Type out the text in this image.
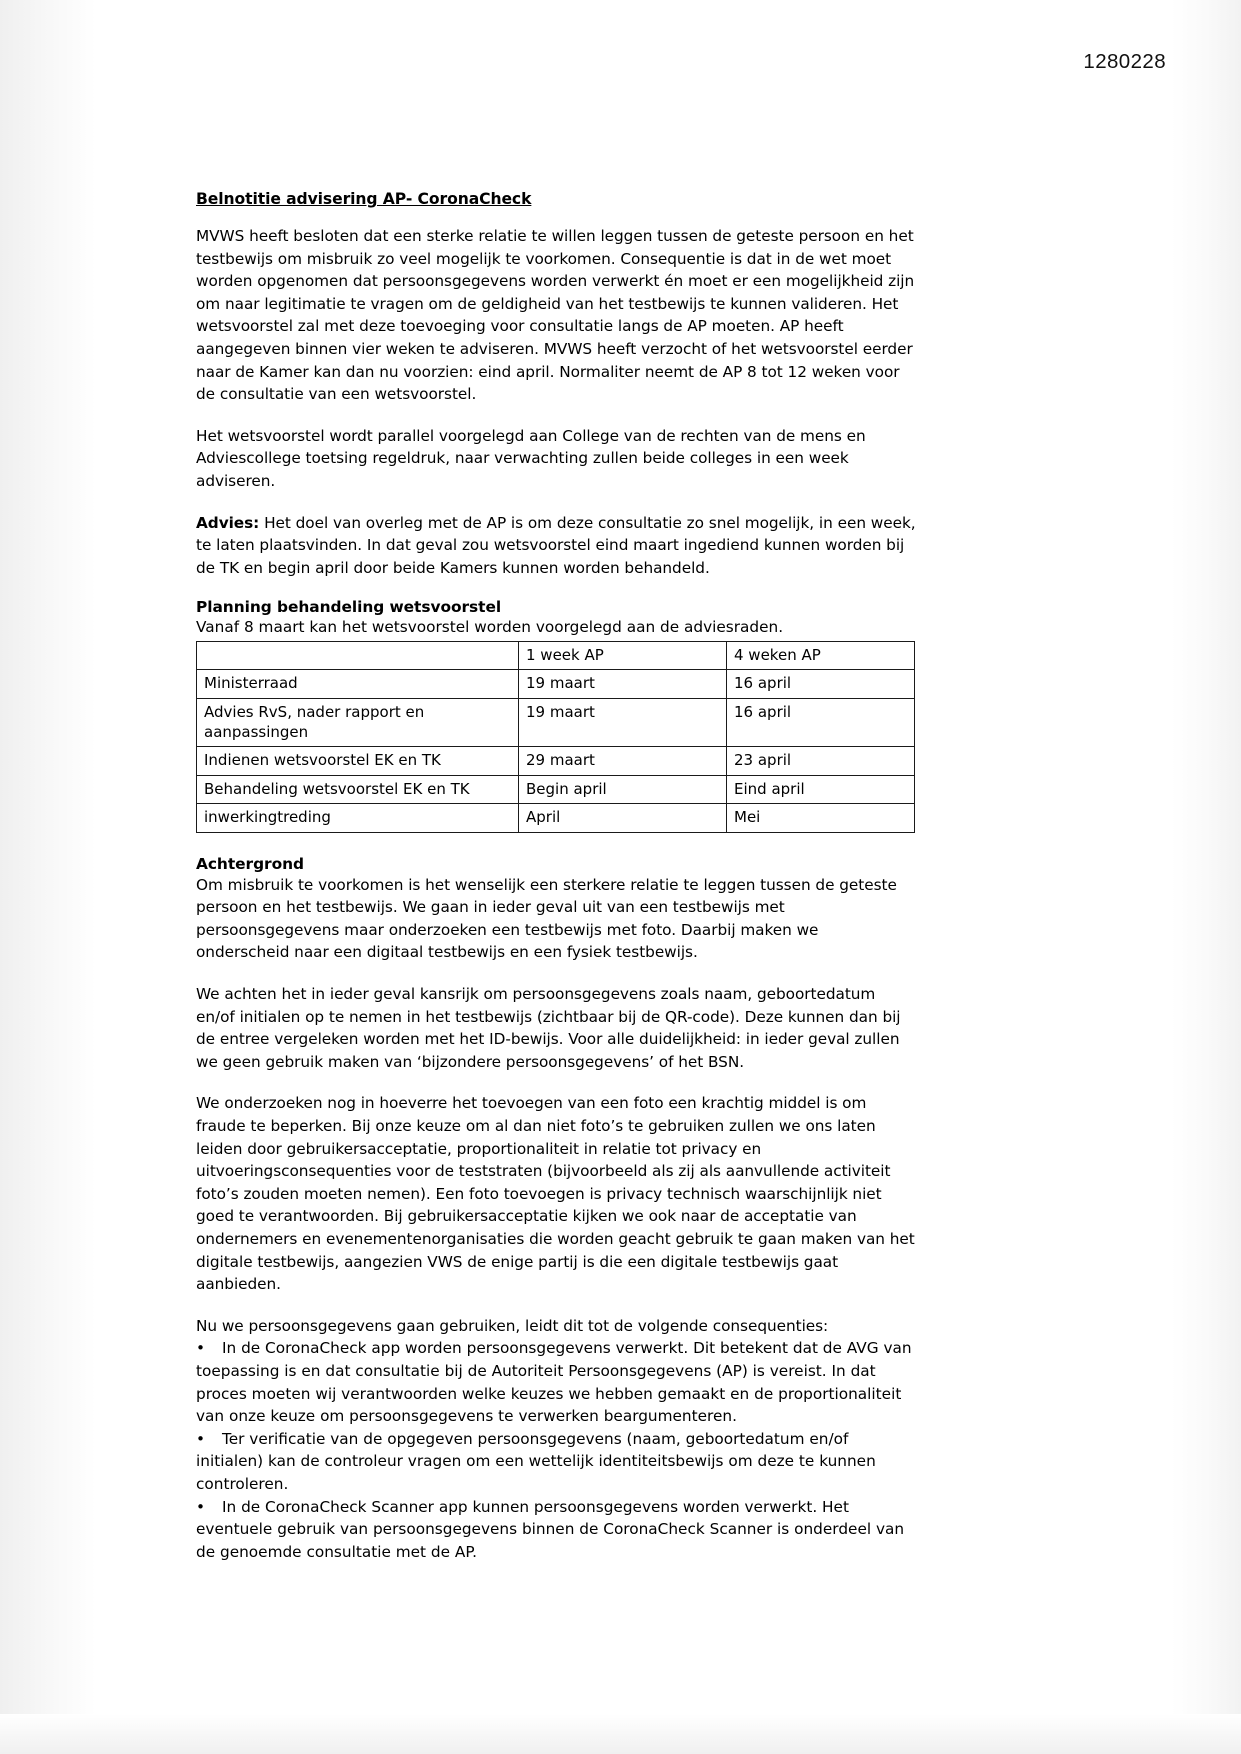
1280228
Belnotitie advisering AP- CoronaCheck

MVWS heeft besloten dat een sterke relatie te willen leggen tussen de geteste persoon en het testbewijs om misbruik zo veel mogelijk te voorkomen. Consequentie is dat in de wet moet worden opgenomen dat persoonsgegevens worden verwerkt én moet er een mogelijkheid zijn om naar legitimatie te vragen om de geldigheid van het testbewijs te kunnen valideren. Het wetsvoorstel zal met deze toevoeging voor consultatie langs de AP moeten. AP heeft aangegeven binnen vier weken te adviseren. MVWS heeft verzocht of het wetsvoorstel eerder naar de Kamer kan dan nu voorzien: eind april. Normaliter neemt de AP 8 tot 12 weken voor de consultatie van een wetsvoorstel.

Het wetsvoorstel wordt parallel voorgelegd aan College van de rechten van de mens en Adviescollege toetsing regeldruk, naar verwachting zullen beide colleges in een week adviseren.

Advies: Het doel van overleg met de AP is om deze consultatie zo snel mogelijk, in een week, te laten plaatsvinden. In dat geval zou wetsvoorstel eind maart ingediend kunnen worden bij de TK en begin april door beide Kamers kunnen worden behandeld.

Planning behandeling wetsvoorstel

Vanaf 8 maart kan het wetsvoorstel worden voorgelegd aan de adviesraden.

	1 week AP	4 weken AP
Ministerraad	19 maart	16 april
Advies RvS, nader rapport en aanpassingen	19 maart	16 april
Indienen wetsvoorstel EK en TK	29 maart	23 april
Behandeling wetsvoorstel EK en TK	Begin april	Eind april
inwerkingtreding	April	Mei
Achtergrond

Om misbruik te voorkomen is het wenselijk een sterkere relatie te leggen tussen de geteste persoon en het testbewijs. We gaan in ieder geval uit van een testbewijs met persoonsgegevens maar onderzoeken een testbewijs met foto. Daarbij maken we onderscheid naar een digitaal testbewijs en een fysiek testbewijs.

We achten het in ieder geval kansrijk om persoonsgegevens zoals naam, geboortedatum en/of initialen op te nemen in het testbewijs (zichtbaar bij de QR-code). Deze kunnen dan bij de entree vergeleken worden met het ID-bewijs. Voor alle duidelijkheid: in ieder geval zullen we geen gebruik maken van ‘bijzondere persoonsgegevens’ of het BSN.

We onderzoeken nog in hoeverre het toevoegen van een foto een krachtig middel is om fraude te beperken. Bij onze keuze om al dan niet foto’s te gebruiken zullen we ons laten leiden door gebruikersacceptatie, proportionaliteit in relatie tot privacy en uitvoeringsconsequenties voor de teststraten (bijvoorbeeld als zij als aanvullende activiteit foto’s zouden moeten nemen). Een foto toevoegen is privacy technisch waarschijnlijk niet goed te verantwoorden. Bij gebruikersacceptatie kijken we ook naar de acceptatie van ondernemers en evenementenorganisaties die worden geacht gebruik te gaan maken van het digitale testbewijs, aangezien VWS de enige partij is die een digitale testbewijs gaat aanbieden.

Nu we persoonsgegevens gaan gebruiken, leidt dit tot de volgende consequenties:

• In de CoronaCheck app worden persoonsgegevens verwerkt. Dit betekent dat de AVG van toepassing is en dat consultatie bij de Autoriteit Persoonsgegevens (AP) is vereist. In dat proces moeten wij verantwoorden welke keuzes we hebben gemaakt en de proportionaliteit van onze keuze om persoonsgegevens te verwerken beargumenteren.
• Ter verificatie van de opgegeven persoonsgegevens (naam, geboortedatum en/of initialen) kan de controleur vragen om een wettelijk identiteitsbewijs om deze te kunnen controleren.
• In de CoronaCheck Scanner app kunnen persoonsgegevens worden verwerkt. Het eventuele gebruik van persoonsgegevens binnen de CoronaCheck Scanner is onderdeel van de genoemde consultatie met de AP.
